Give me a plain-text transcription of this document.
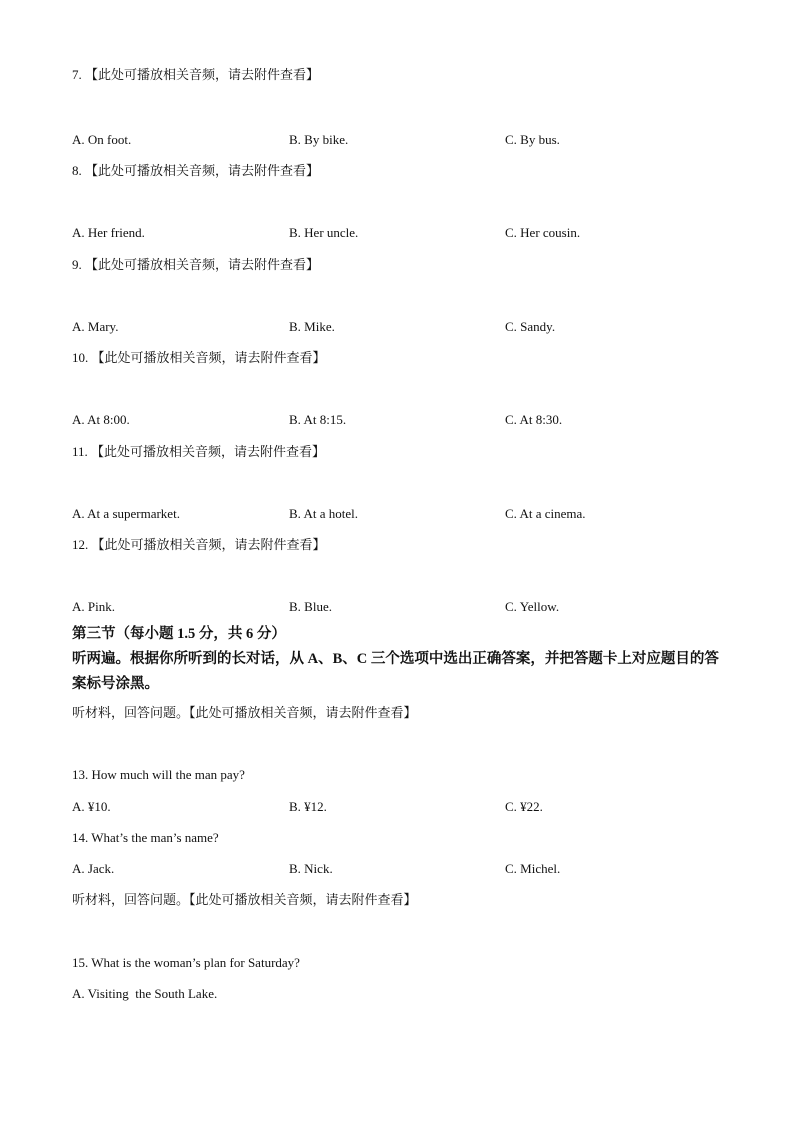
7. 【此处可播放相关音频，请去附件查看】
A. On foot.	B. By bike.	C. By bus.
8. 【此处可播放相关音频，请去附件查看】
A. Her friend.	B. Her uncle.	C. Her cousin.
9. 【此处可播放相关音频，请去附件查看】
A. Mary.	B. Mike.	C. Sandy.
10. 【此处可播放相关音频，请去附件查看】
A. At 8:00.	B. At 8:15.	C. At 8:30.
11. 【此处可播放相关音频，请去附件查看】
A. At a supermarket.	B. At a hotel.	C. At a cinema.
12. 【此处可播放相关音频，请去附件查看】
A. Pink.	B. Blue.	C. Yellow.
第三节（每小题 1.5 分，共 6 分）
听两遍。根据你所听到的长对话，从 A、B、C 三个选项中选出正确答案，并把答题卡上对应题目的答案标号涂黑。
听材料，回答问题。【此处可播放相关音频，请去附件查看】
13. How much will the man pay?
A. ¥10.	B. ¥12.	C. ¥22.
14. What’s the man’s name?
A. Jack.	B. Nick.	C. Michel.
听材料，回答问题。【此处可播放相关音频，请去附件查看】
15. What is the woman’s plan for Saturday?
A. Visiting  the South Lake.
